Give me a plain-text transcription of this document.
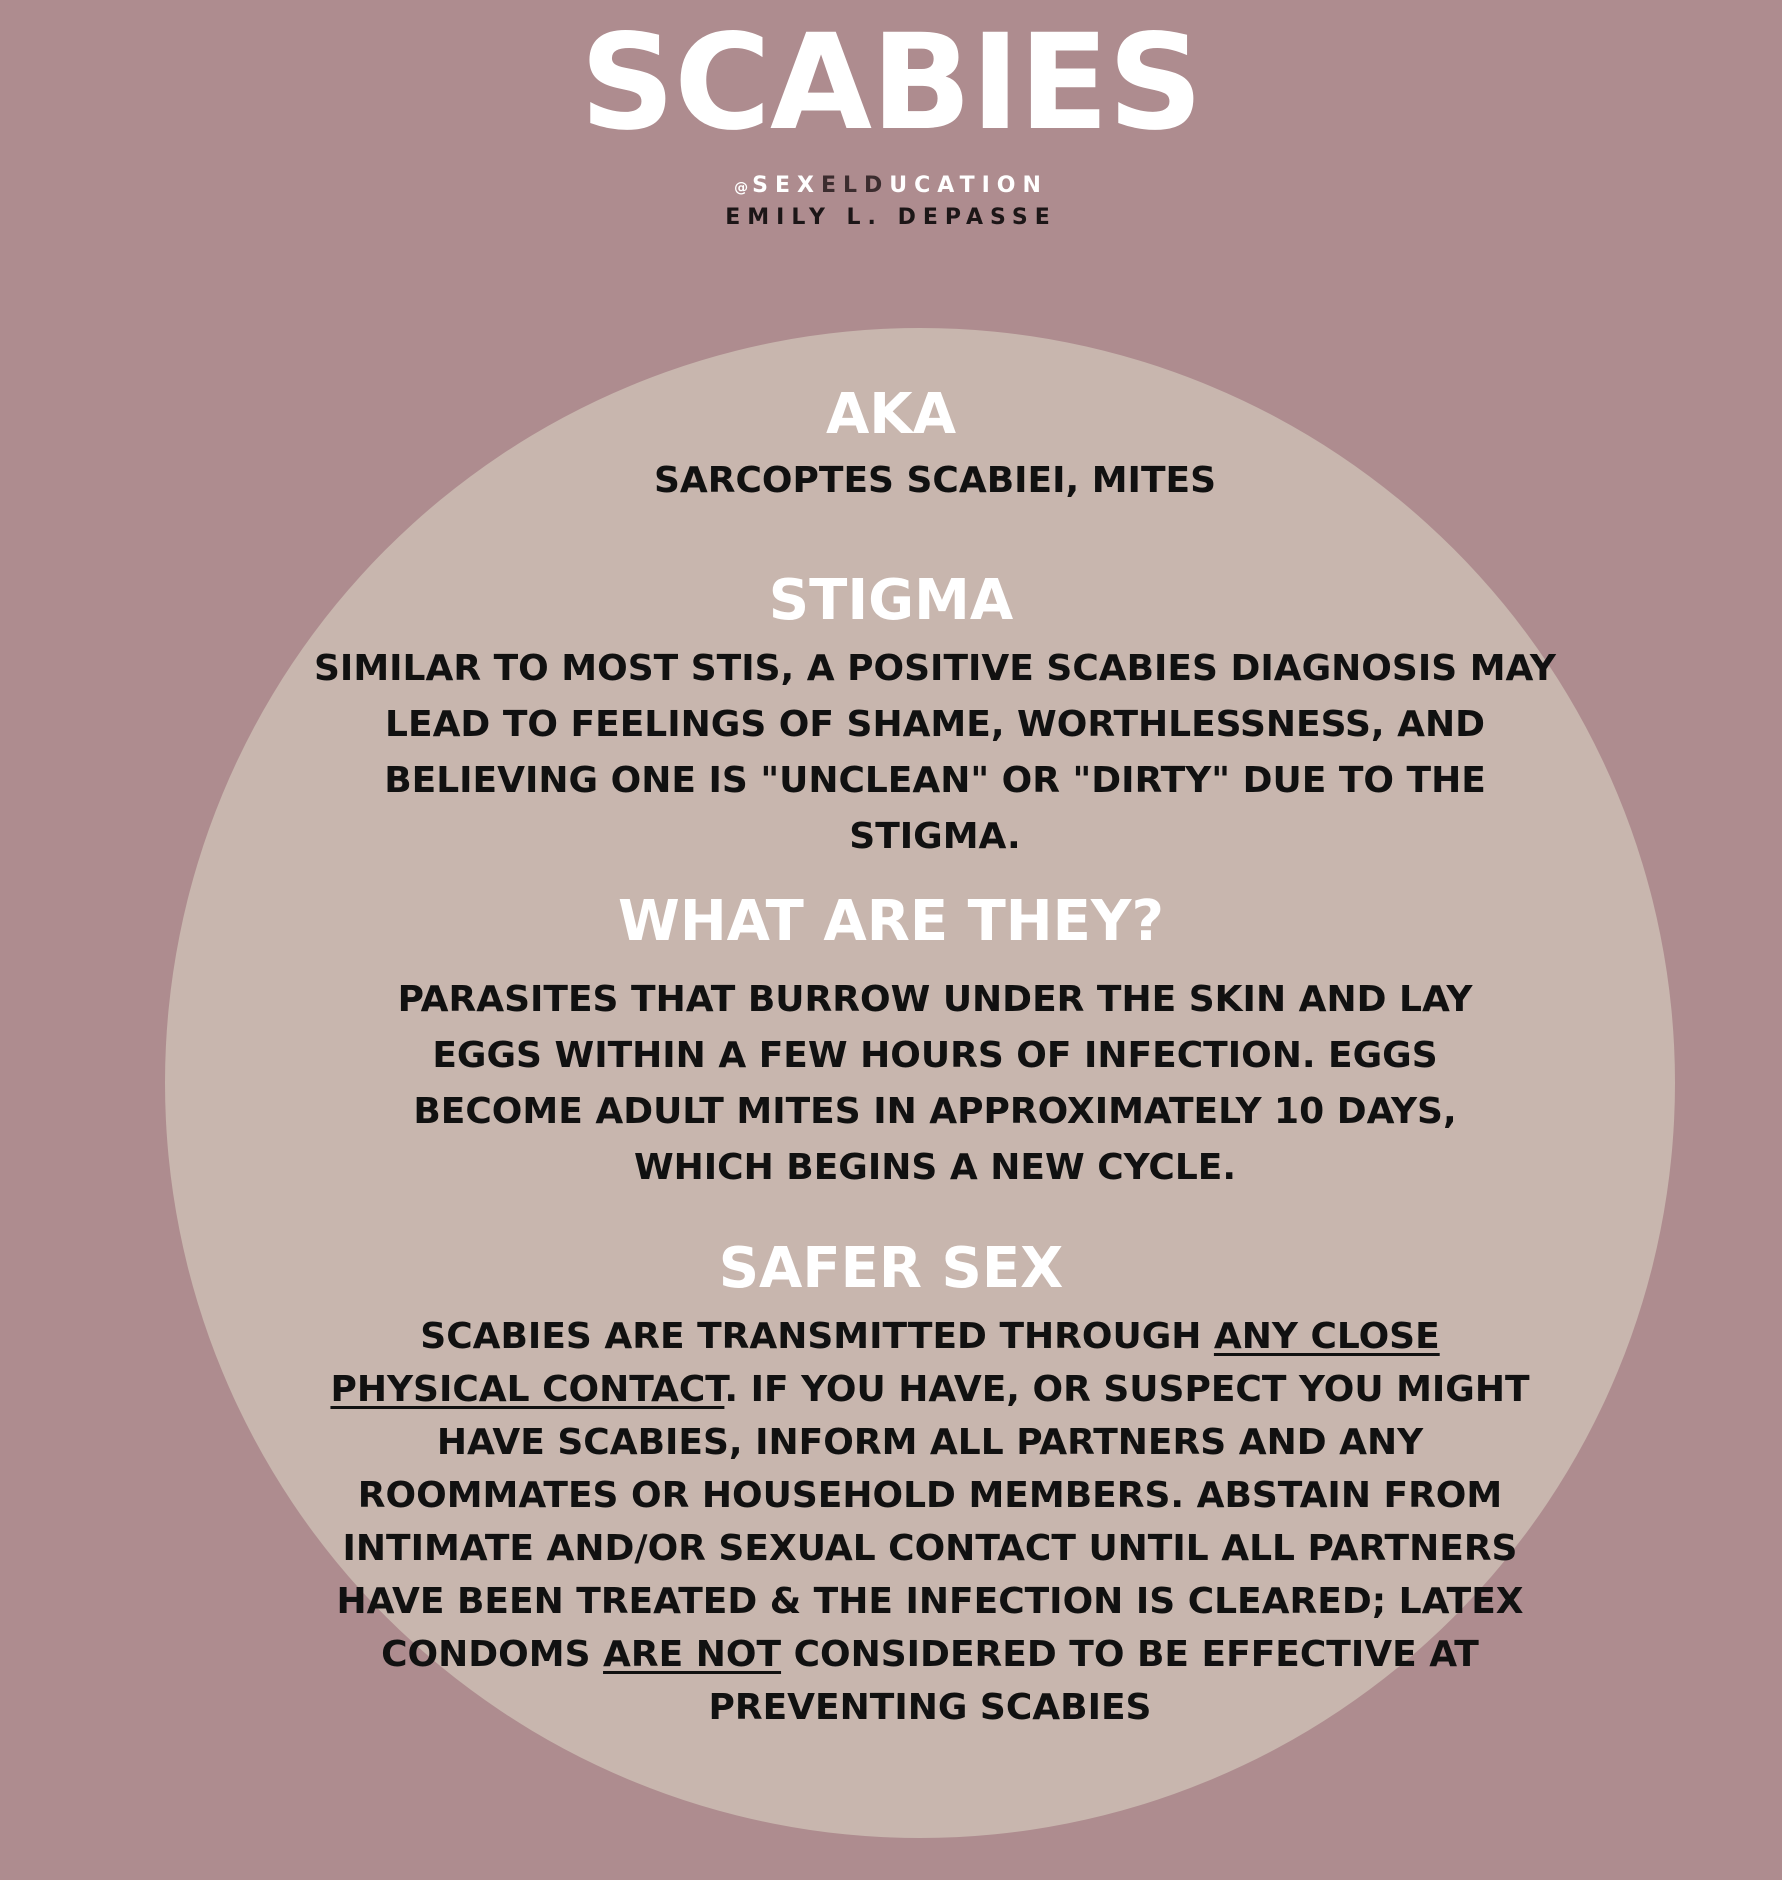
SCABIES
@SEXELDUCATION
EMILY L. DEPASSE
AKA
SARCOPTES SCABIEI, MITES
STIGMA
SIMILAR TO MOST STIS, A POSITIVE SCABIES DIAGNOSIS MAY LEAD TO FEELINGS OF SHAME, WORTHLESSNESS, AND BELIEVING ONE IS "UNCLEAN" OR "DIRTY" DUE TO THE STIGMA.
WHAT ARE THEY?
PARASITES THAT BURROW UNDER THE SKIN AND LAY EGGS WITHIN A FEW HOURS OF INFECTION. EGGS BECOME ADULT MITES IN APPROXIMATELY 10 DAYS, WHICH BEGINS A NEW CYCLE.
SAFER SEX
SCABIES ARE TRANSMITTED THROUGH ANY CLOSE PHYSICAL CONTACT. IF YOU HAVE, OR SUSPECT YOU MIGHT HAVE SCABIES, INFORM ALL PARTNERS AND ANY ROOMMATES OR HOUSEHOLD MEMBERS. ABSTAIN FROM INTIMATE AND/OR SEXUAL CONTACT UNTIL ALL PARTNERS HAVE BEEN TREATED & THE INFECTION IS CLEARED; LATEX CONDOMS ARE NOT CONSIDERED TO BE EFFECTIVE AT PREVENTING SCABIES
